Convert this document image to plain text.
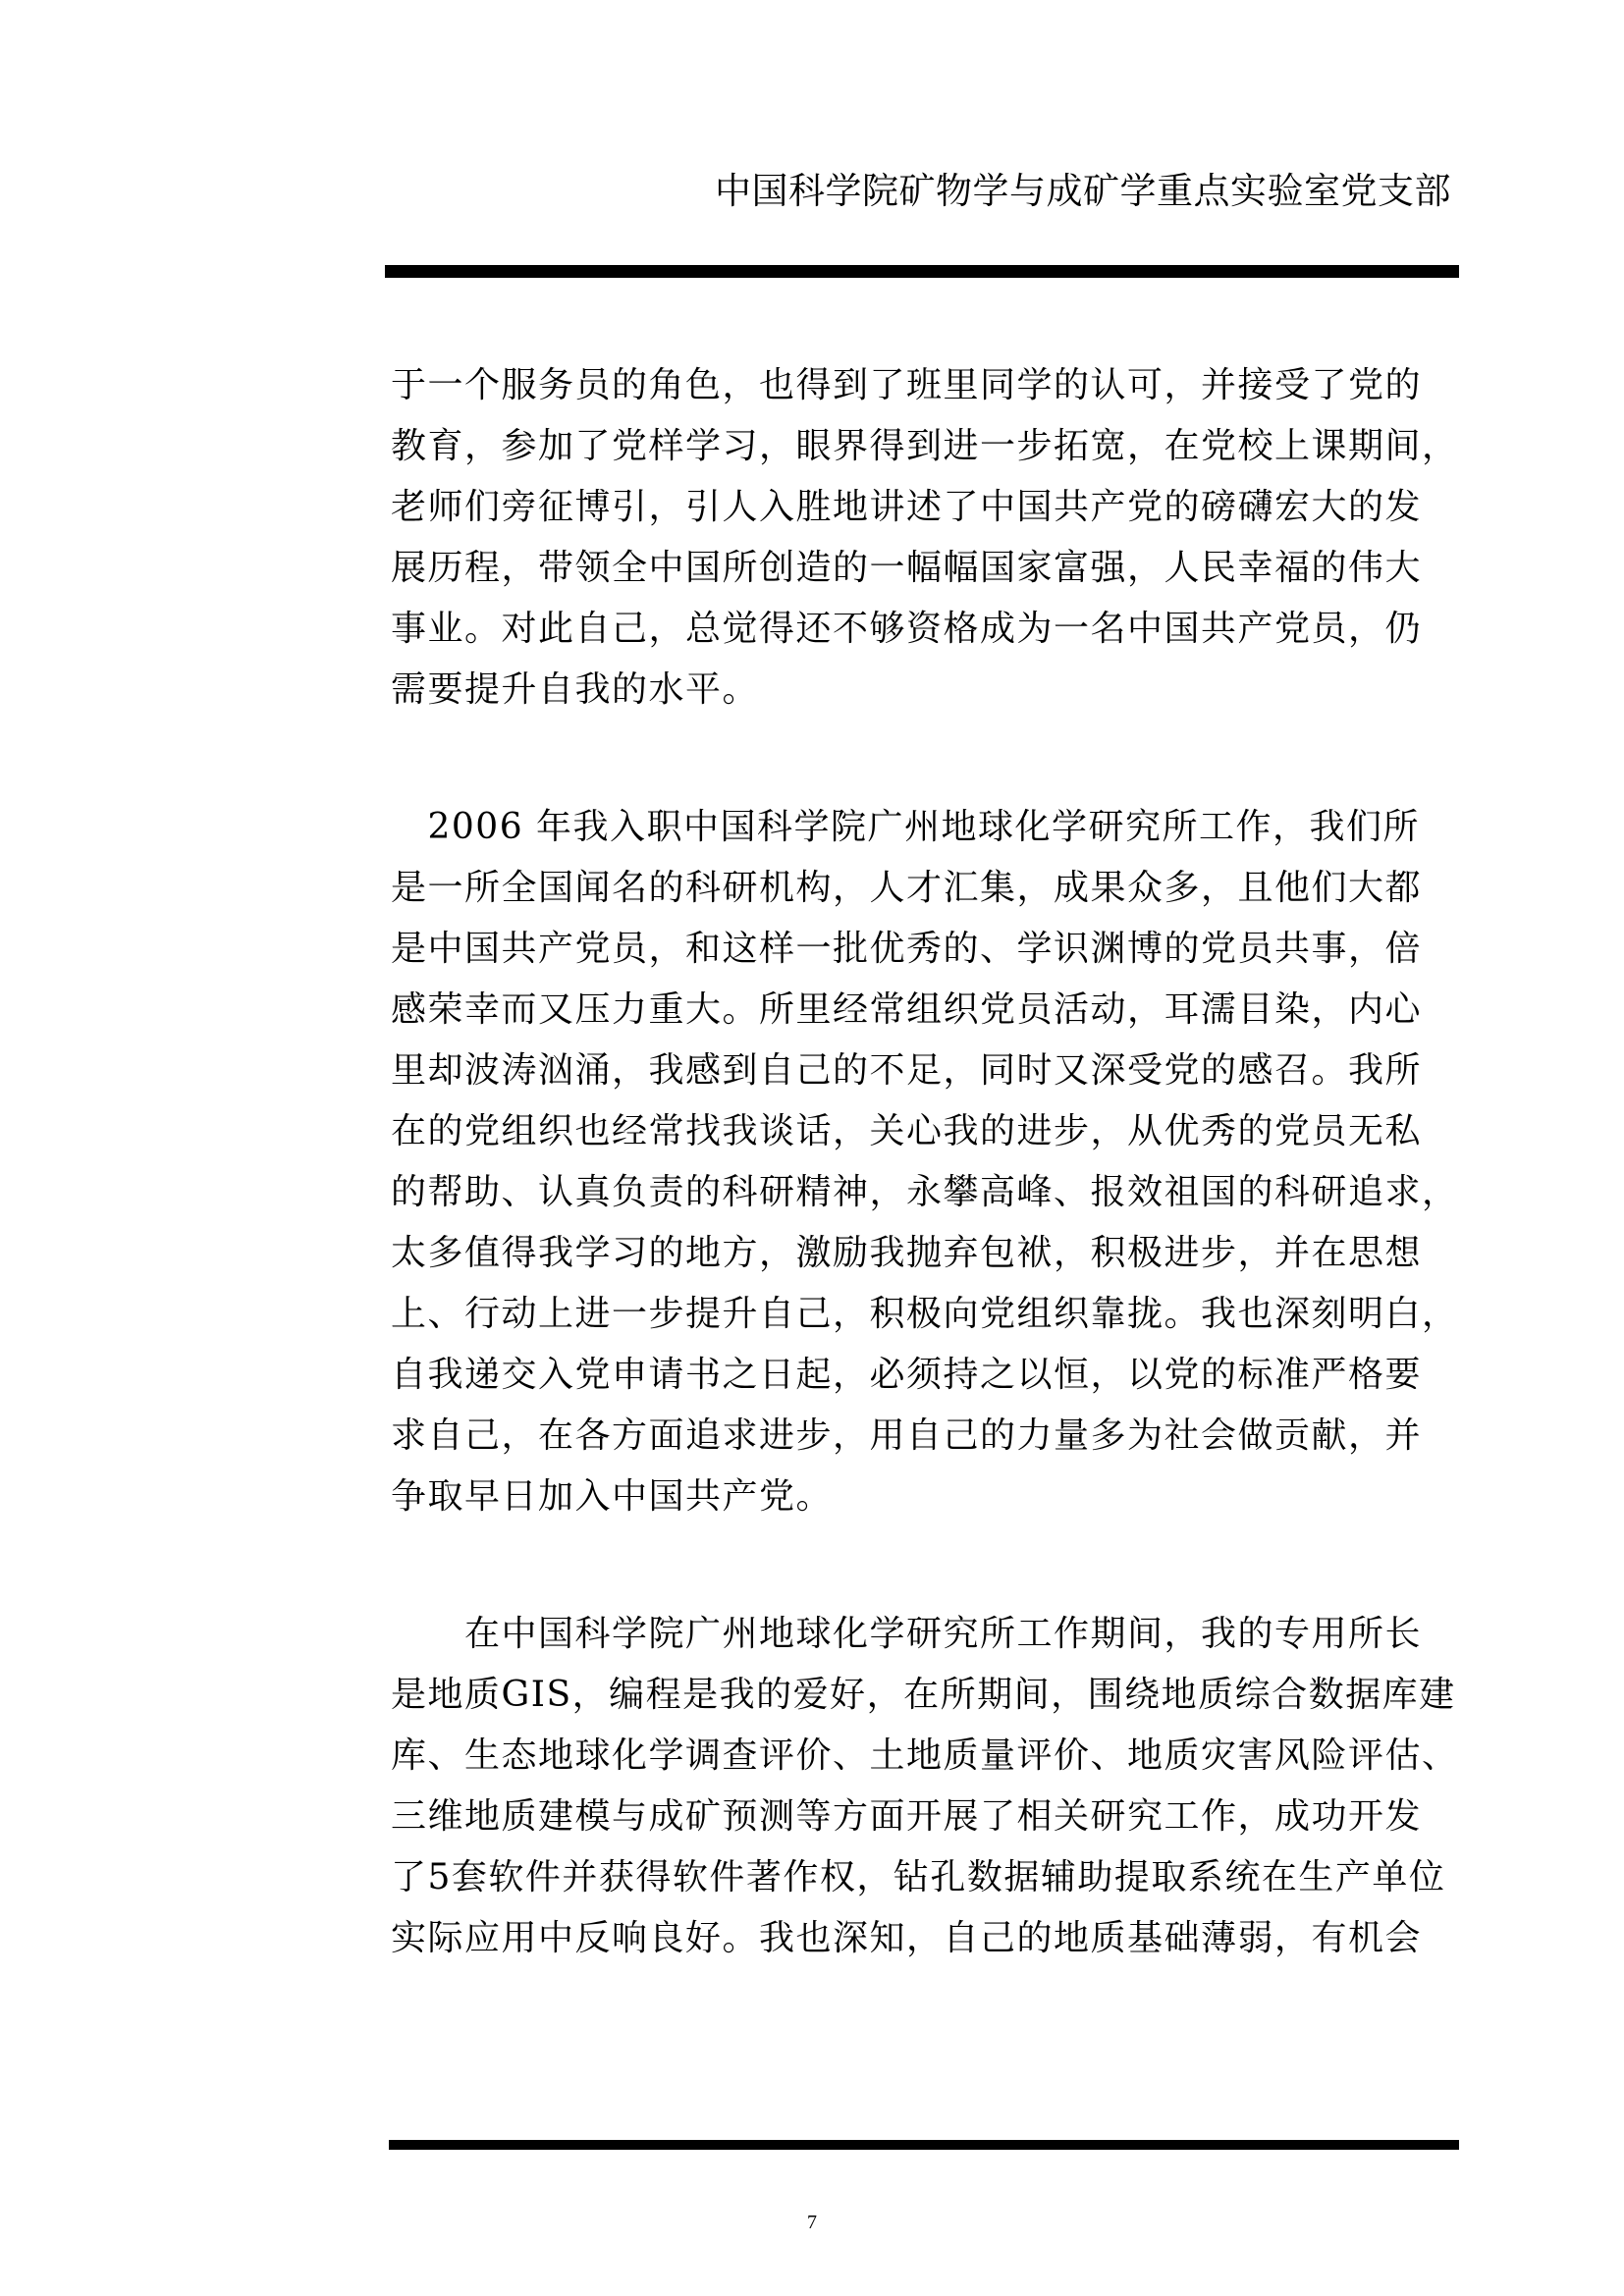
中国科学院矿物学与成矿学重点实验室党支部
于一个服务员的角色，也得到了班里同学的认可，并接受了党的
教育，参加了党样学习，眼界得到进一步拓宽，在党校上课期间，
老师们旁征博引，引人入胜地讲述了中国共产党的磅礴宏大的发
展历程，带领全中国所创造的一幅幅国家富强，人民幸福的伟大
事业。对此自己，总觉得还不够资格成为一名中国共产党员，仍
需要提升自我的水平。
　2006 年我入职中国科学院广州地球化学研究所工作，我们所
是一所全国闻名的科研机构，人才汇集，成果众多，且他们大都
是中国共产党员，和这样一批优秀的、学识渊博的党员共事，倍
感荣幸而又压力重大。所里经常组织党员活动，耳濡目染，内心
里却波涛汹涌，我感到自己的不足，同时又深受党的感召。我所
在的党组织也经常找我谈话，关心我的进步，从优秀的党员无私
的帮助、认真负责的科研精神，永攀高峰、报效祖国的科研追求，
太多值得我学习的地方，激励我抛弃包袱，积极进步，并在思想
上、行动上进一步提升自己，积极向党组织靠拢。我也深刻明白，
自我递交入党申请书之日起，必须持之以恒，以党的标准严格要
求自己，在各方面追求进步，用自己的力量多为社会做贡献，并
争取早日加入中国共产党。
　　在中国科学院广州地球化学研究所工作期间，我的专用所长
是地质GIS，编程是我的爱好，在所期间，围绕地质综合数据库建
库、生态地球化学调查评价、土地质量评价、地质灾害风险评估、
三维地质建模与成矿预测等方面开展了相关研究工作，成功开发
了5套软件并获得软件著作权，钻孔数据辅助提取系统在生产单位
实际应用中反响良好。我也深知，自己的地质基础薄弱，有机会
7
